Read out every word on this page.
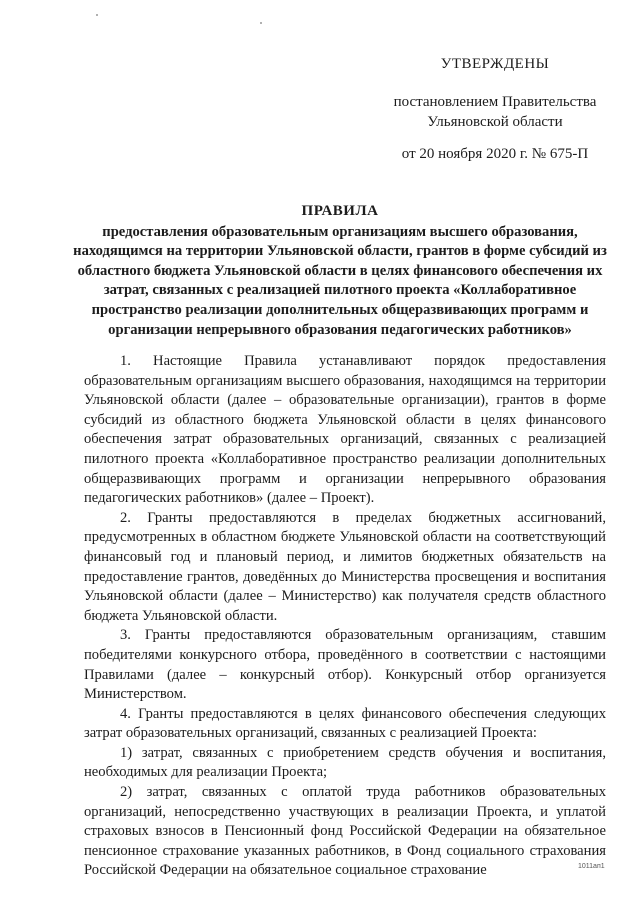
УТВЕРЖДЕНЫ
постановлением Правительства
Ульяновской области
от 20 ноября 2020 г. № 675-П
ПРАВИЛА
предоставления образовательным организациям высшего образования, находящимся на территории Ульяновской области, грантов в форме субсидий из областного бюджета Ульяновской области в целях финансового обеспечения их затрат, связанных с реализацией пилотного проекта «Коллаборативное пространство реализации дополнительных общеразвивающих программ и организации непрерывного образования педагогических работников»

1. Настоящие Правила устанавливают порядок предоставления образовательным организациям высшего образования, находящимся на территории Ульяновской области (далее – образовательные организации), грантов в форме субсидий из областного бюджета Ульяновской области в целях финансового обеспечения затрат образовательных организаций, связанных с реализацией пилотного проекта «Коллаборативное пространство реализации дополнительных общеразвивающих программ и организации непрерывного образования педагогических работников» (далее – Проект).

2. Гранты предоставляются в пределах бюджетных ассигнований, предусмотренных в областном бюджете Ульяновской области на соответствующий финансовый год и плановый период, и лимитов бюджетных обязательств на предоставление грантов, доведённых до Министерства просвещения и воспитания Ульяновской области (далее – Министерство) как получателя средств областного бюджета Ульяновской области.

3. Гранты предоставляются образовательным организациям, ставшим победителями конкурсного отбора, проведённого в соответствии с настоящими Правилами (далее – конкурсный отбор). Конкурсный отбор организуется Министерством.

4. Гранты предоставляются в целях финансового обеспечения следующих затрат образовательных организаций, связанных с реализацией Проекта:

1) затрат, связанных с приобретением средств обучения и воспитания, необходимых для реализации Проекта;

2) затрат, связанных с оплатой труда работников образовательных организаций, непосредственно участвующих в реализации Проекта, и уплатой страховых взносов в Пенсионный фонд Российской Федерации на обязательное пенсионное страхование указанных работников, в Фонд социального страхования Российской Федерации на обязательное социальное страхование	1011ап1
